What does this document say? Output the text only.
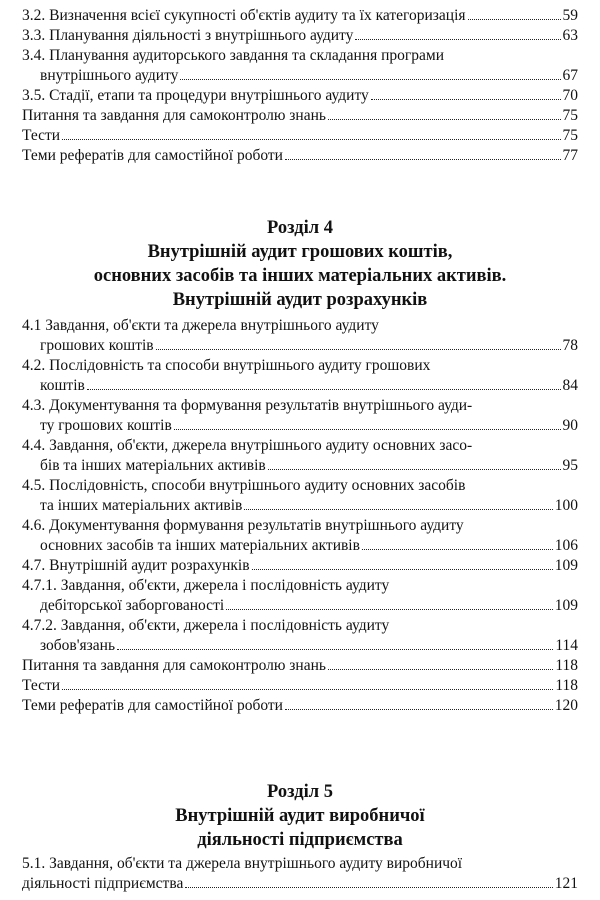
3.2. Визначення всієї сукупності об'єктів аудиту та їх категоризація	59
3.3. Планування діяльності з внутрішнього аудиту	63
3.4. Планування аудиторського завдання та складання програми
внутрішнього аудиту	67
3.5. Стадії, етапи та процедури внутрішнього аудиту	70
Питання та завдання для самоконтролю знань	75
Тести	75
Теми рефератів для самостійної роботи	77
Розділ 4
Внутрішній аудит грошових коштів,
основних засобів та інших матеріальних активів.
Внутрішній аудит розрахунків
4.1 Завдання, об'єкти та джерела внутрішнього аудиту
грошових коштів	78
4.2. Послідовність та способи внутрішнього аудиту грошових
коштів	84
4.3. Документування та формування результатів внутрішнього ауди-
ту грошових коштів	90
4.4. Завдання, об'єкти, джерела внутрішнього аудиту основних засо-
бів та інших матеріальних активів	95
4.5. Послідовність, способи внутрішнього аудиту основних засобів
та інших матеріальних активів	100
4.6. Документування формування результатів внутрішнього аудиту
основних засобів та інших матеріальних активів	106
4.7. Внутрішній аудит розрахунків	109
4.7.1. Завдання, об'єкти, джерела і послідовність аудиту
дебіторської заборгованості	109
4.7.2. Завдання, об'єкти, джерела і послідовність аудиту
зобов'язань	114
Питання та завдання для самоконтролю знань	118
Тести	118
Теми рефератів для самостійної роботи	120
Розділ 5
Внутрішній аудит виробничої
діяльності підприємства
5.1. Завдання, об'єкти та джерела внутрішнього аудиту виробничої
діяльності підприємства	121
